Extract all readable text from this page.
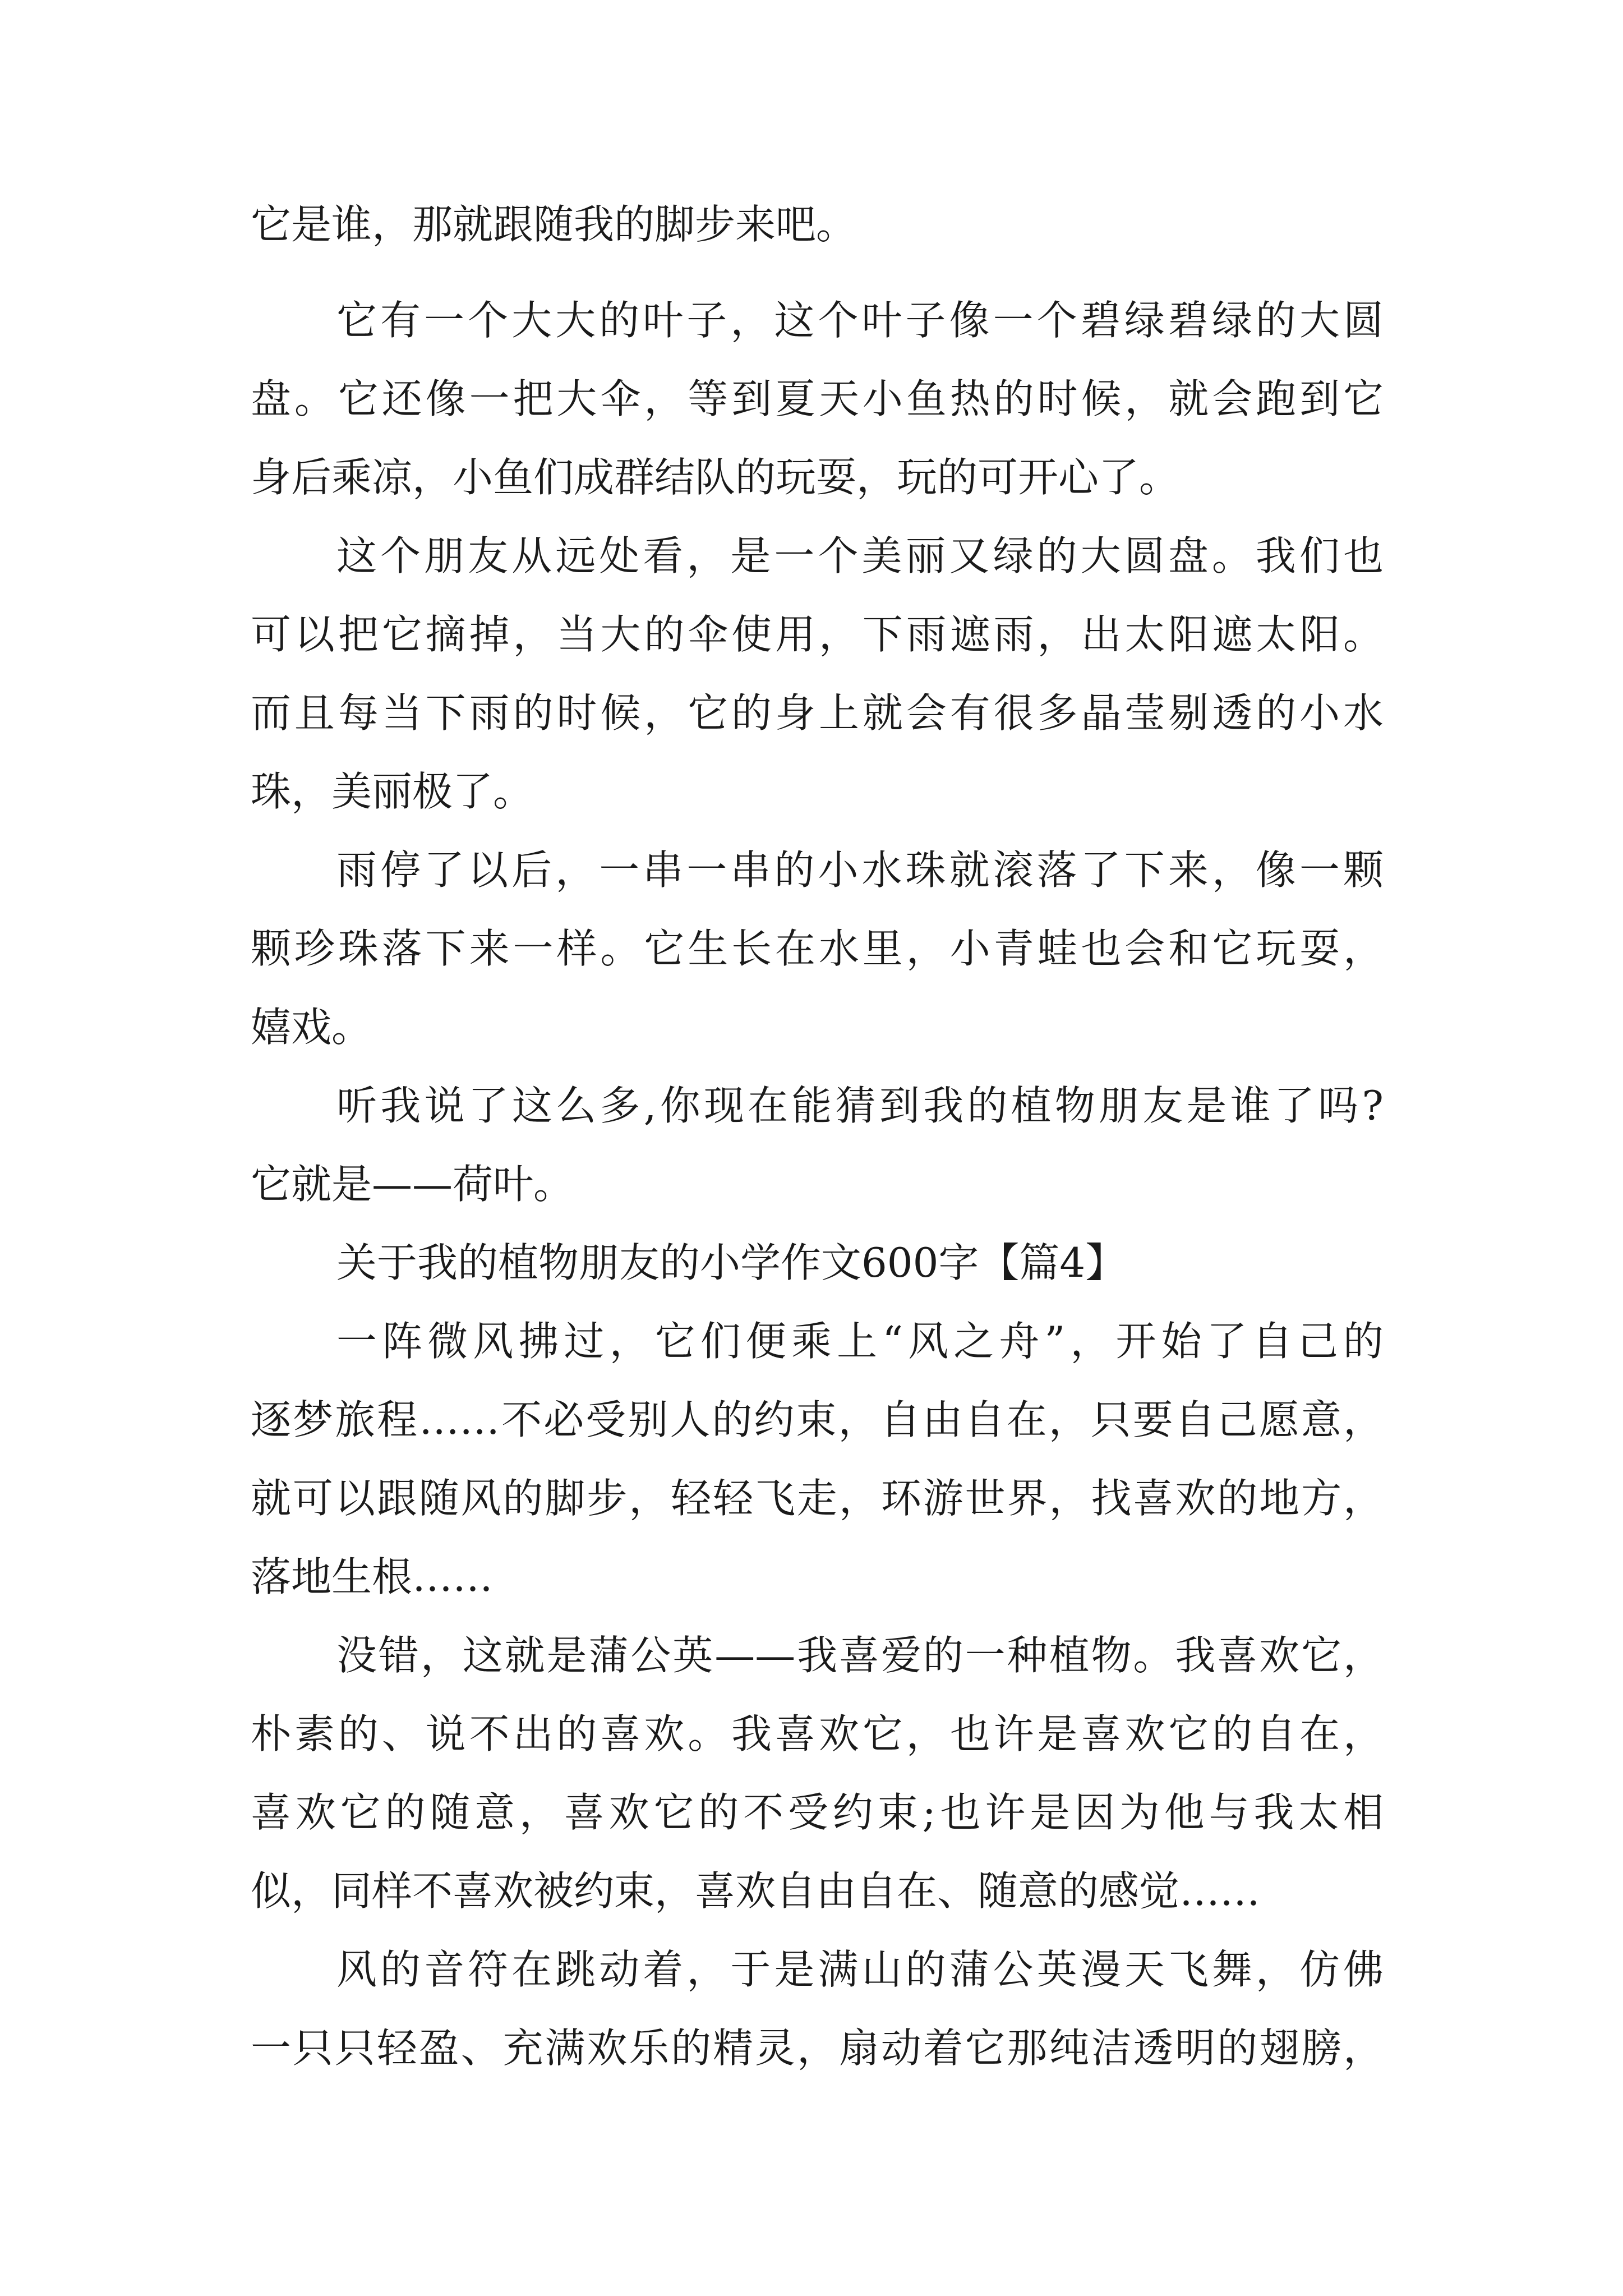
它是谁，那就跟随我的脚步来吧。
它有一个大大的叶子，这个叶子像一个碧绿碧绿的大圆
盘。它还像一把大伞，等到夏天小鱼热的时候，就会跑到它
身后乘凉，小鱼们成群结队的玩耍，玩的可开心了。
这个朋友从远处看，是一个美丽又绿的大圆盘。我们也
可以把它摘掉，当大的伞使用，下雨遮雨，出太阳遮太阳。
而且每当下雨的时候，它的身上就会有很多晶莹剔透的小水
珠，美丽极了。
雨停了以后，一串一串的小水珠就滚落了下来，像一颗
颗珍珠落下来一样。它生长在水里，小青蛙也会和它玩耍，
嬉戏。
听我说了这么多,你现在能猜到我的植物朋友是谁了吗?
它就是——荷叶。
关于我的植物朋友的小学作文600字【篇4】
一阵微风拂过，它们便乘上“风之舟”，开始了自己的
逐梦旅程……不必受别人的约束，自由自在，只要自己愿意，
就可以跟随风的脚步，轻轻飞走，环游世界，找喜欢的地方，
落地生根……
没错，这就是蒲公英——我喜爱的一种植物。我喜欢它，
朴素的、说不出的喜欢。我喜欢它，也许是喜欢它的自在，
喜欢它的随意，喜欢它的不受约束;也许是因为他与我太相
似，同样不喜欢被约束，喜欢自由自在、随意的感觉……
风的音符在跳动着，于是满山的蒲公英漫天飞舞，仿佛
一只只轻盈、充满欢乐的精灵，扇动着它那纯洁透明的翅膀，
